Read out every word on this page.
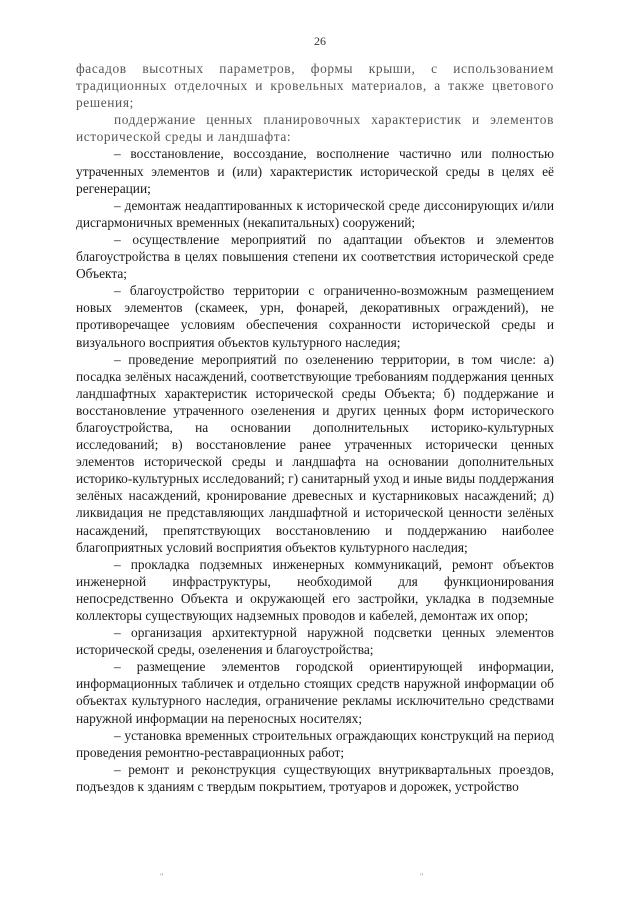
26

фасадов высотных параметров, формы крыши, с использованием традиционных отделочных и кровельных материалов, а также цветового решения;

поддержание ценных планировочных характеристик и элементов исторической среды и ландшафта:

– восстановление, воссоздание, восполнение частично или полностью утраченных элементов и (или) характеристик исторической среды в целях её регенерации;

– демонтаж неадаптированных к исторической среде диссонирующих и/или дисгармоничных временных (некапитальных) сооружений;

– осуществление мероприятий по адаптации объектов и элементов благоустройства в целях повышения степени их соответствия исторической среде Объекта;

– благоустройство территории с ограниченно-возможным размещением новых элементов (скамеек, урн, фонарей, декоративных ограждений), не противоречащее условиям обеспечения сохранности исторической среды и визуального восприятия объектов культурного наследия;

– проведение мероприятий по озеленению территории, в том числе: а) посадка зелёных насаждений, соответствующие требованиям поддержания ценных ландшафтных характеристик исторической среды Объекта; б) поддержание и восстановление утраченного озеленения и других ценных форм исторического благоустройства, на основании дополнительных историко-культурных исследований; в) восстановление ранее утраченных исторически ценных элементов исторической среды и ландшафта на основании дополнительных историко-культурных исследований; г) санитарный уход и иные виды поддержания зелёных насаждений, кронирование древесных и кустарниковых насаждений; д) ликвидация не представляющих ландшафтной и исторической ценности зелёных насаждений, препятствующих восстановлению и поддержанию наиболее благоприятных условий восприятия объектов культурного наследия;

– прокладка подземных инженерных коммуникаций, ремонт объектов инженерной инфраструктуры, необходимой для функционирования непосредственно Объекта и окружающей его застройки, укладка в подземные коллекторы существующих надземных проводов и кабелей, демонтаж их опор;

– организация архитектурной наружной подсветки ценных элементов исторической среды, озеленения и благоустройства;

– размещение элементов городской ориентирующей информации, информационных табличек и отдельно стоящих средств наружной информации об объектах культурного наследия, ограничение рекламы исключительно средствами наружной информации на переносных носителях;

– установка временных строительных ограждающих конструкций на период проведения ремонтно-реставрационных работ;

– ремонт и реконструкция существующих внутриквартальных проездов, подъездов к зданиям с твердым покрытием, тротуаров и дорожек, устройство

"	"
